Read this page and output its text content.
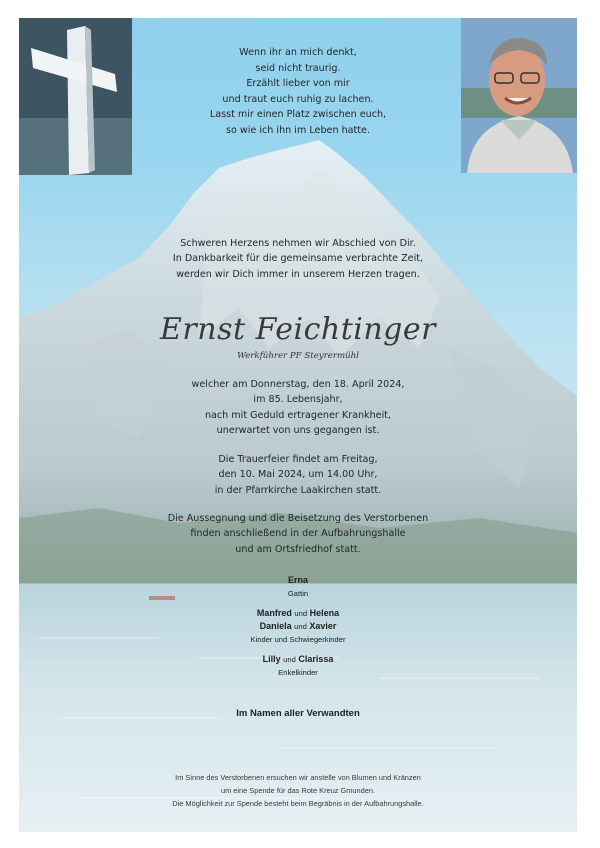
Wenn ihr an mich denkt,
seid nicht traurig.
Erzählt lieber von mir
und traut euch ruhig zu lachen.
Lasst mir einen Platz zwischen euch,
so wie ich ihn im Leben hatte.
Schweren Herzens nehmen wir Abschied von Dir.
In Dankbarkeit für die gemeinsame verbrachte Zeit,
werden wir Dich immer in unserem Herzen tragen.
Ernst Feichtinger
Werkführer PF Steyrermühl
welcher am Donnerstag, den 18. April 2024,
im 85. Lebensjahr,
nach mit Geduld ertragener Krankheit,
unerwartet von uns gegangen ist.
Die Trauerfeier findet am Freitag,
den 10. Mai 2024, um 14.00 Uhr,
in der Pfarrkirche Laakirchen statt.
Die Aussegnung und die Beisetzung des Verstorbenen
finden anschließend in der Aufbahrungshalle
und am Ortsfriedhof statt.
Erna
Gattin
Manfred und Helena
Daniela und Xavier
Kinder und Schwiegerkinder
Lilly und Clarissa
Enkelkinder
Im Namen aller Verwandten
Im Sinne des Verstorbenen ersuchen wir anstelle von Blumen und Kränzen
um eine Spende für das Rote Kreuz Gmunden.
Die Möglichkeit zur Spende besteht beim Begräbnis in der Aufbahrungshalle.
